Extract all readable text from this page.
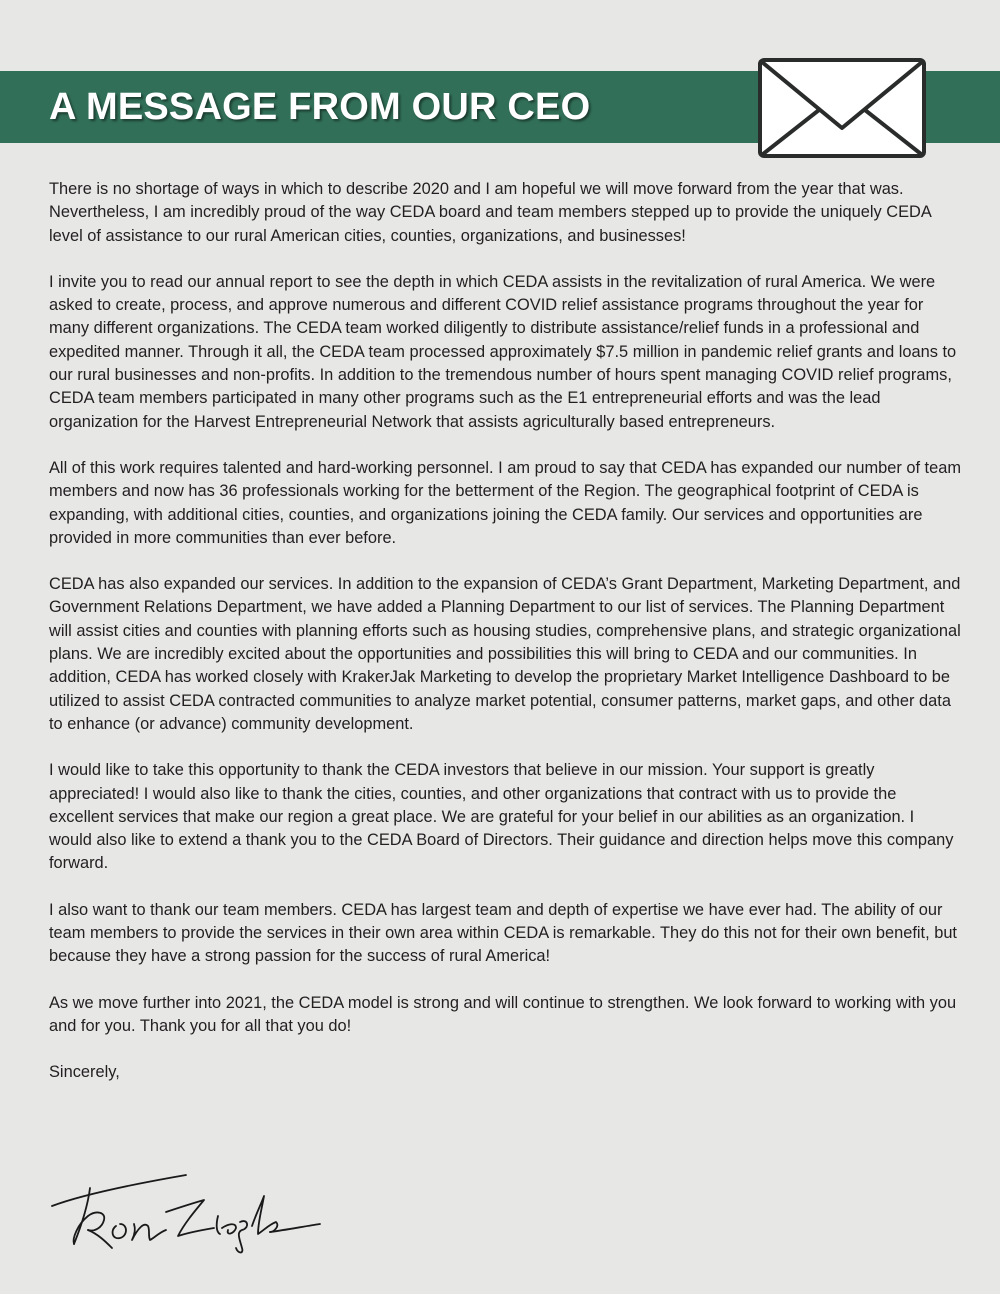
A MESSAGE FROM OUR CEO

There is no shortage of ways in which to describe 2020 and I am hopeful we will move forward from the year that was. Nevertheless, I am incredibly proud of the way CEDA board and team members stepped up to provide the uniquely CEDA level of assistance to our rural American cities, counties, organizations, and businesses!

I invite you to read our annual report to see the depth in which CEDA assists in the revitalization of rural America. We were asked to create, process, and approve numerous and different COVID relief assistance programs throughout the year for many different organizations. The CEDA team worked diligently to distribute assistance/relief funds in a professional and expedited manner. Through it all, the CEDA team processed approximately $7.5 million in pandemic relief grants and loans to our rural businesses and non-profits. In addition to the tremendous number of hours spent managing COVID relief programs, CEDA team members participated in many other programs such as the E1 entrepreneurial efforts and was the lead organization for the Harvest Entrepreneurial Network that assists agriculturally based entrepreneurs.

All of this work requires talented and hard-working personnel. I am proud to say that CEDA has expanded our number of team members and now has 36 professionals working for the betterment of the Region. The geographical footprint of CEDA is expanding, with additional cities, counties, and organizations joining the CEDA family. Our services and opportunities are provided in more communities than ever before.

CEDA has also expanded our services. In addition to the expansion of CEDA’s Grant Department, Marketing Department, and Government Relations Department, we have added a Planning Department to our list of services. The Planning Department will assist cities and counties with planning efforts such as housing studies, comprehensive plans, and strategic organizational plans. We are incredibly excited about the opportunities and possibilities this will bring to CEDA and our communities. In addition, CEDA has worked closely with KrakerJak Marketing to develop the proprietary Market Intelligence Dashboard to be utilized to assist CEDA contracted communities to analyze market potential, consumer patterns, market gaps, and other data to enhance (or advance) community development.

I would like to take this opportunity to thank the CEDA investors that believe in our mission. Your support is greatly appreciated! I would also like to thank the cities, counties, and other organizations that contract with us to provide the excellent services that make our region a great place. We are grateful for your belief in our abilities as an organization. I would also like to extend a thank you to the CEDA Board of Directors. Their guidance and direction helps move this company forward.

I also want to thank our team members. CEDA has largest team and depth of expertise we have ever had. The ability of our team members to provide the services in their own area within CEDA is remarkable. They do this not for their own benefit, but because they have a strong passion for the success of rural America!

As we move further into 2021, the CEDA model is strong and will continue to strengthen. We look forward to working with you and for you. Thank you for all that you do!

Sincerely,
